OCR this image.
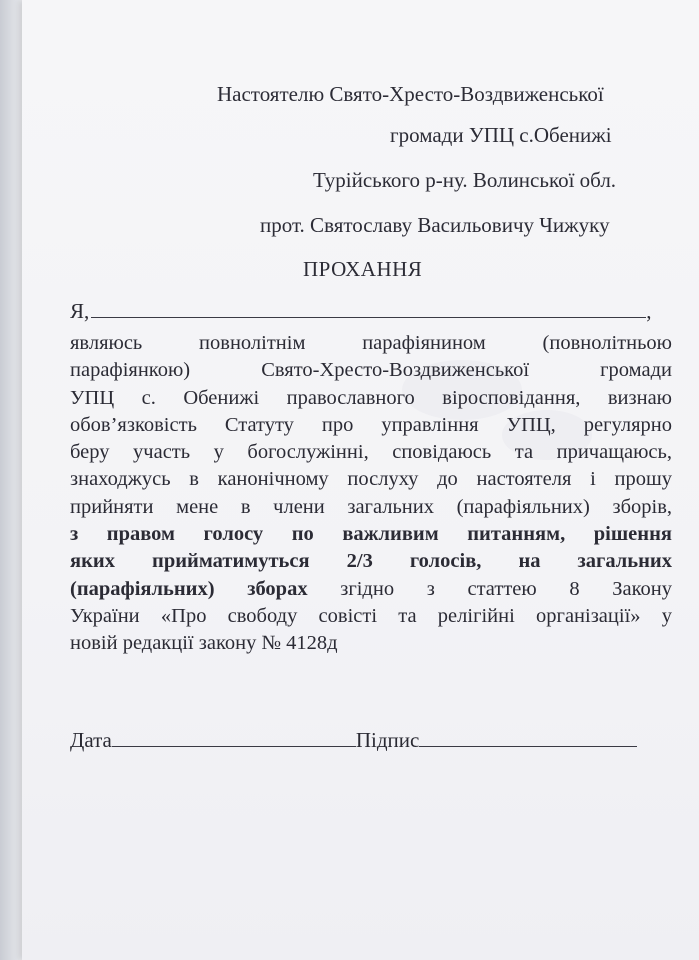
Настоятелю Свято-Хресто-Воздвиженської
громади УПЦ с.Обенижі
Турійського р-ну. Волинської обл.
прот. Святославу Васильовичу Чижуку
ПРОХАННЯ
Я,	,
являюсь повнолітнім парафіянином (повнолітньою
парафіянкою) Свято-Хресто-Воздвиженської громади
УПЦ с. Обенижі православного віросповідання, визнаю
обов’язковість Статуту про управління УПЦ, регулярно
беру участь у богослужінні, сповідаюсь та причащаюсь,
знаходжусь в канонічному послуху до настоятеля і прошу
прийняти мене в члени загальних (парафіяльних) зборів,
з правом голосу по важливим питанням, рішення
яких прийматимуться 2/3 голосів, на загальних
(парафіяльних) зборах згідно з статтею 8 Закону
України «Про свободу совісті та релігійні організації» у
новій редакції закону № 4128д
Дата	Підпис
